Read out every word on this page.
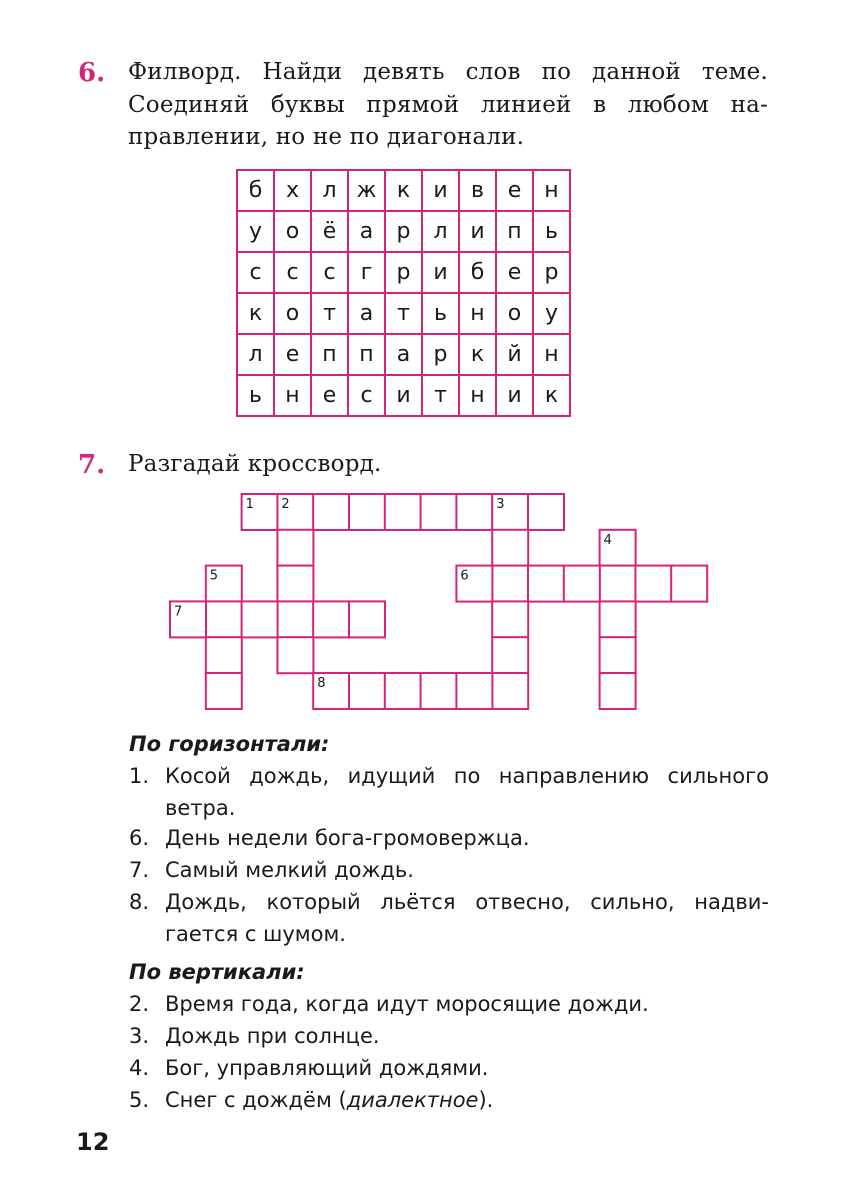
6. Филворд. Найди девять слов по данной теме.
Соединяй буквы прямой линией в любом на-
правлении, но не по диагонали.
б	х	л	ж	к	и	в	е	н
у	о	ё	а	р	л	и	п	ь
с	с	с	г	р	и	б	е	р
к	о	т	а	т	ь	н	о	у
л	е	п	п	а	р	к	й	н
ь	н	е	с	и	т	н	и	к
7. Разгадай кроссворд.
1 2	3
4
5	6
7
8
По горизонтали:
1. Косой дождь, идущий по направлению сильного
ветра.
6. День недели бога-громовержца.
7. Самый мелкий дождь.
8. Дождь, который льётся отвесно, сильно, надви-
гается с шумом.
По вертикали:
2. Время года, когда идут моросящие дожди.
3. Дождь при солнце.
4. Бог, управляющий дождями.
5. Снег с дождём (диалектное).
12
